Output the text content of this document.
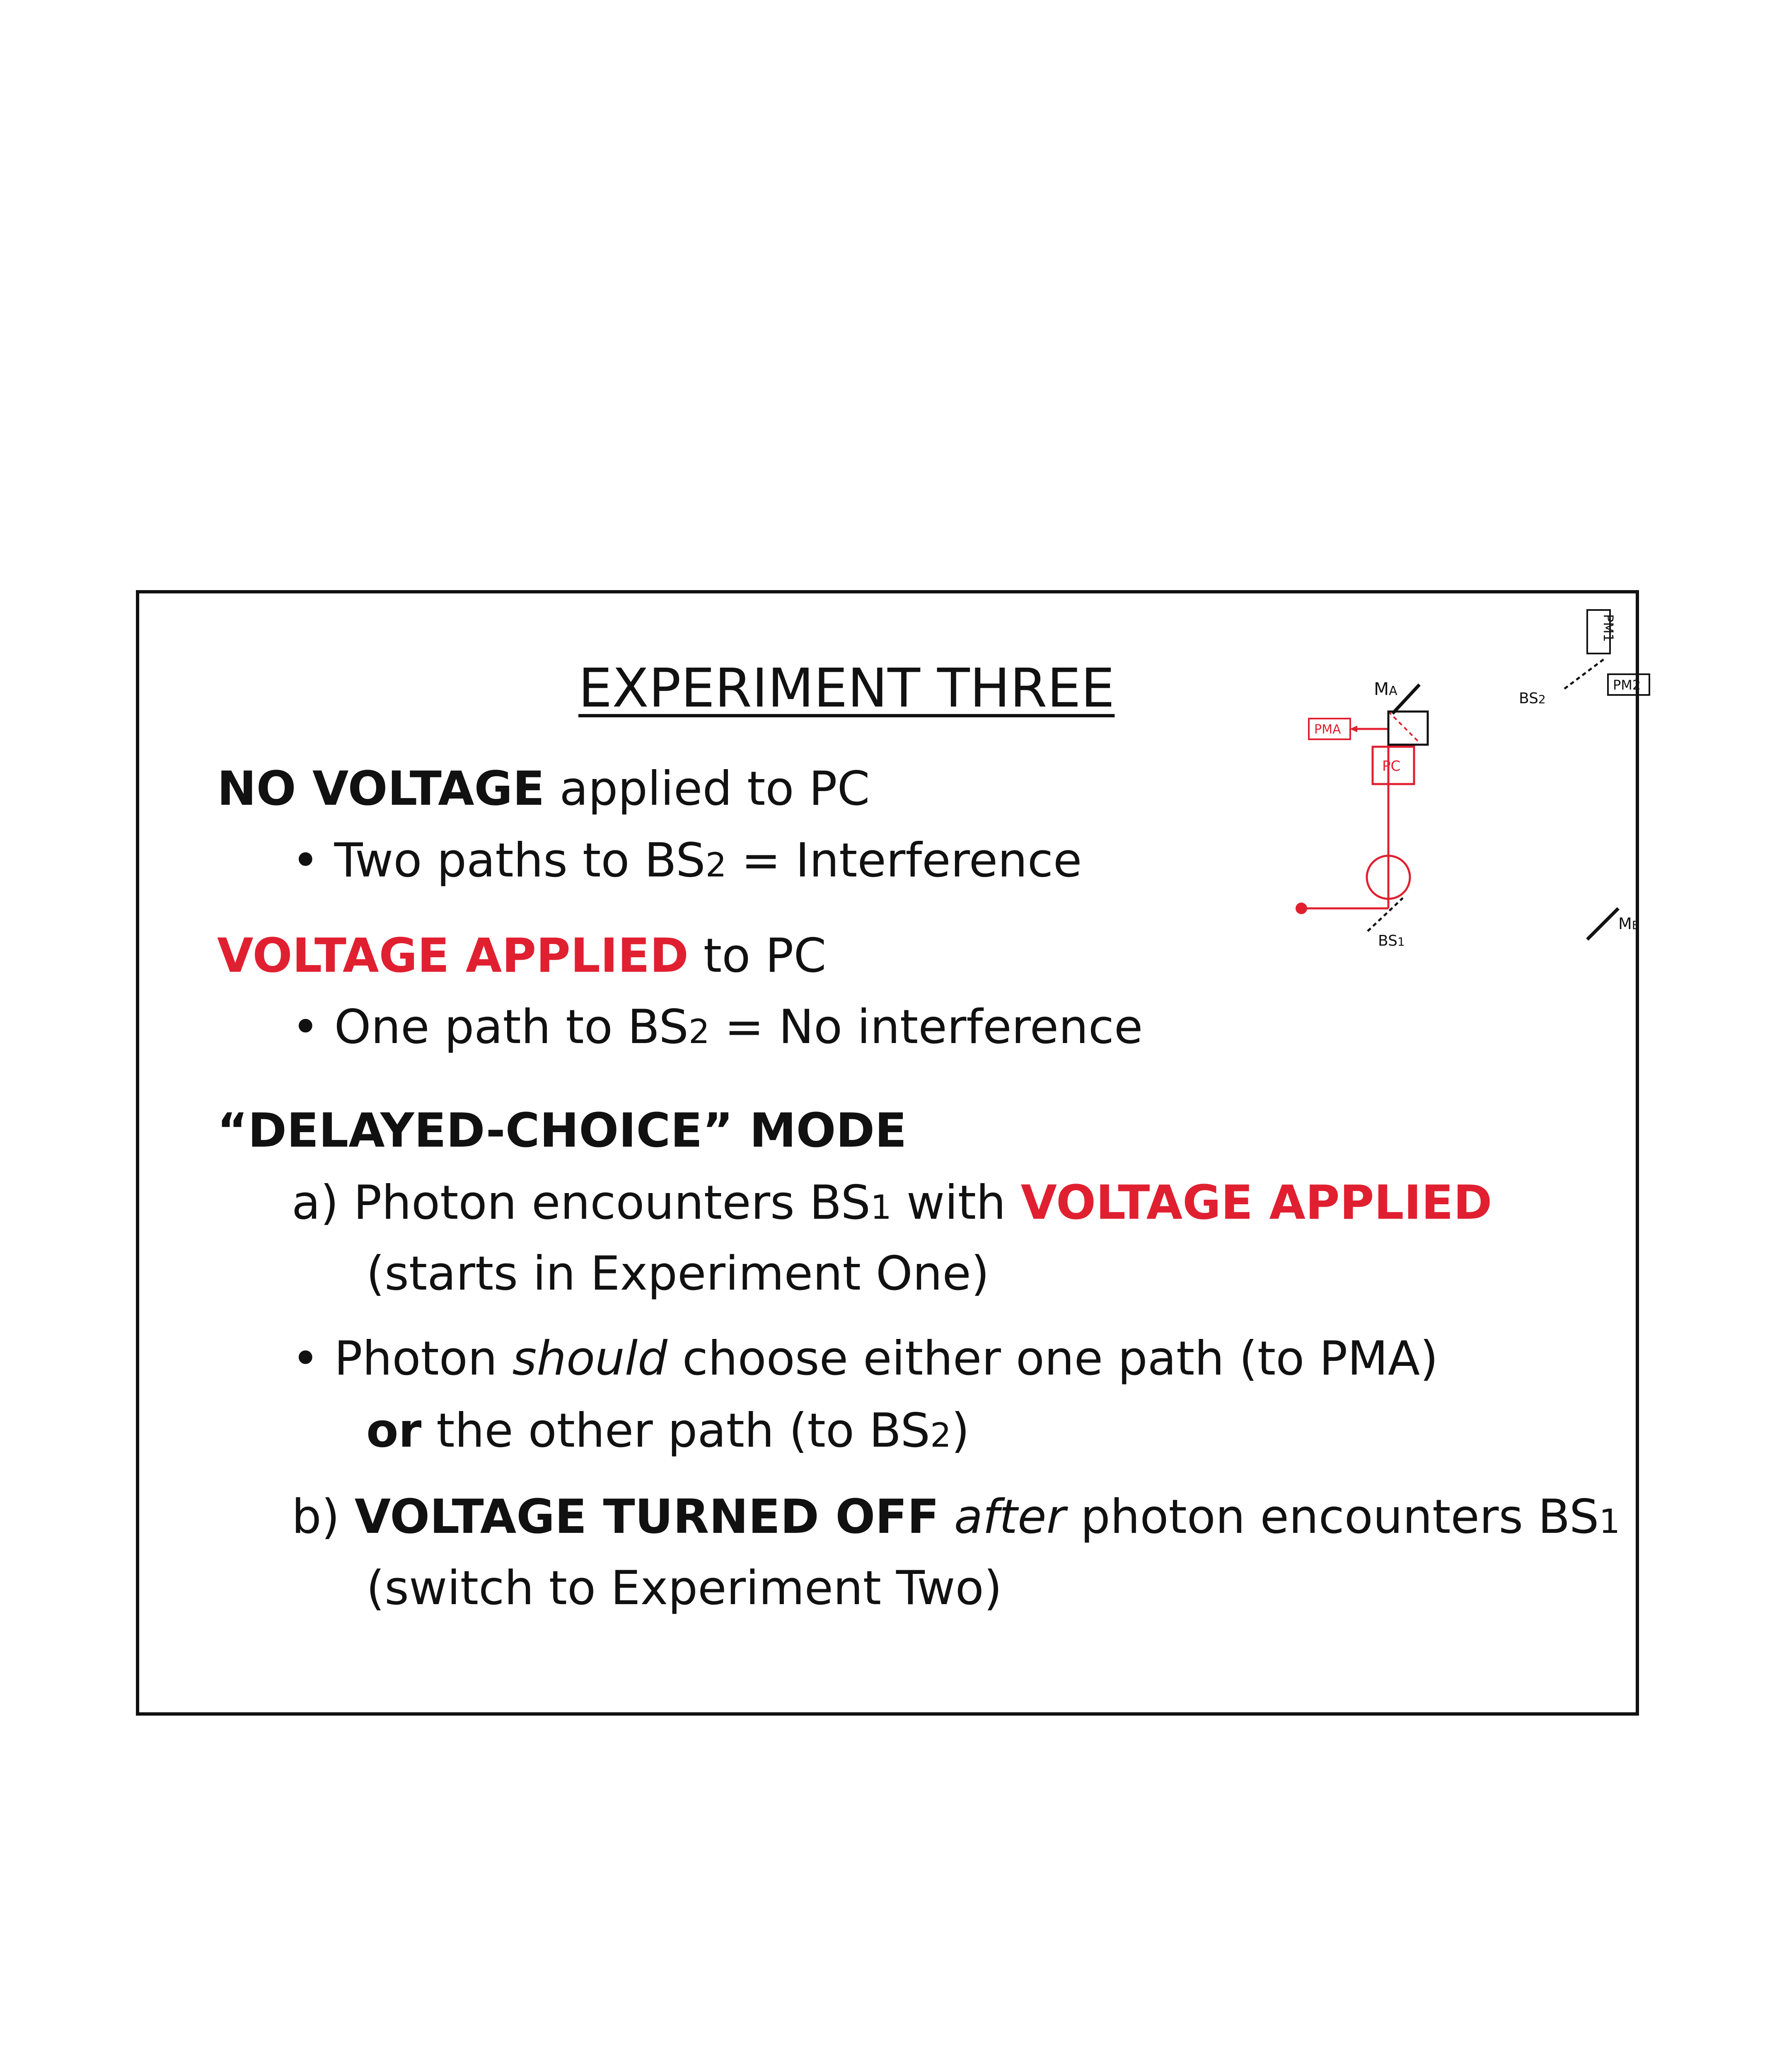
EXPERIMENT THREE
NO VOLTAGE applied to PC
• Two paths to BS2 = Interference
VOLTAGE APPLIED to PC
• One path to BS2 = No interference
“DELAYED-CHOICE” MODE
a) Photon encounters BS1 with VOLTAGE APPLIED
(starts in Experiment One)
• Photon should choose either one path (to PMA)
or the other path (to BS2)
b) VOLTAGE TURNED OFF after photon encounters BS1
(switch to Experiment Two)
MA
PMA
PC
BS1
BS2
MB
PM1
PM2
